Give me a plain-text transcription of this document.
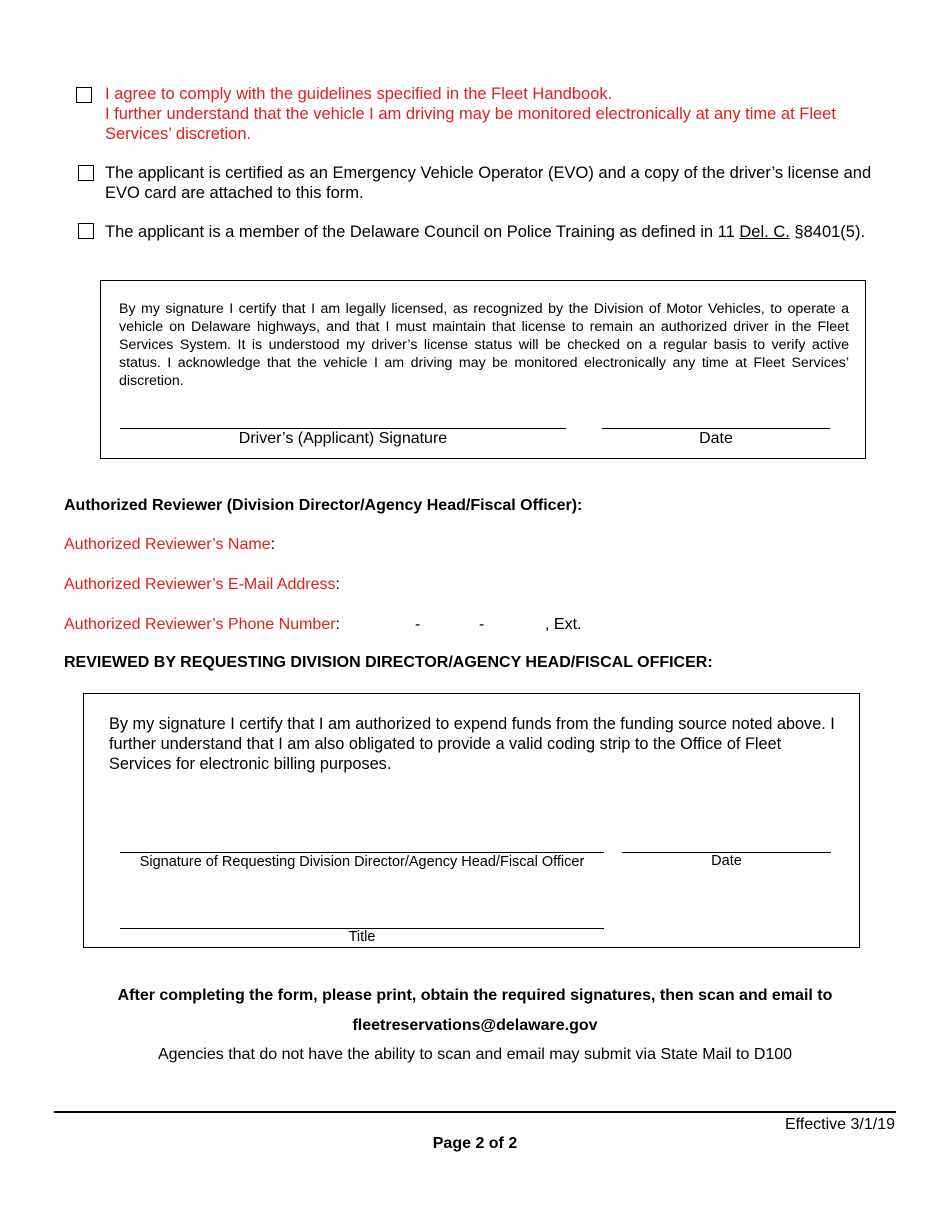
I agree to comply with the guidelines specified in the Fleet Handbook.
I further understand that the vehicle I am driving may be monitored electronically at any time at Fleet Services’ discretion.
The applicant is certified as an Emergency Vehicle Operator (EVO) and a copy of the driver’s license and EVO card are attached to this form.
The applicant is a member of the Delaware Council on Police Training as defined in 11 Del. C. §8401(5).
By my signature I certify that I am legally licensed, as recognized by the Division of Motor Vehicles, to operate a vehicle on Delaware highways, and that I must maintain that license to remain an authorized driver in the Fleet Services System. It is understood my driver’s license status will be checked on a regular basis to verify active status. I acknowledge that the vehicle I am driving may be monitored electronically any time at Fleet Services’ discretion.
Driver’s (Applicant) Signature	Date
Authorized Reviewer (Division Director/Agency Head/Fiscal Officer):
Authorized Reviewer’s Name:
Authorized Reviewer’s E-Mail Address:
Authorized Reviewer’s Phone Number:	-	-	, Ext.
REVIEWED BY REQUESTING DIVISION DIRECTOR/AGENCY HEAD/FISCAL OFFICER:
By my signature I certify that I am authorized to expend funds from the funding source noted above. I further understand that I am also obligated to provide a valid coding strip to the Office of Fleet Services for electronic billing purposes.
Signature of Requesting Division Director/Agency Head/Fiscal Officer	Date
Title
After completing the form, please print, obtain the required signatures, then scan and email to
fleetreservations@delaware.gov
Agencies that do not have the ability to scan and email may submit via State Mail to D100
Effective 3/1/19
Page 2 of 2
